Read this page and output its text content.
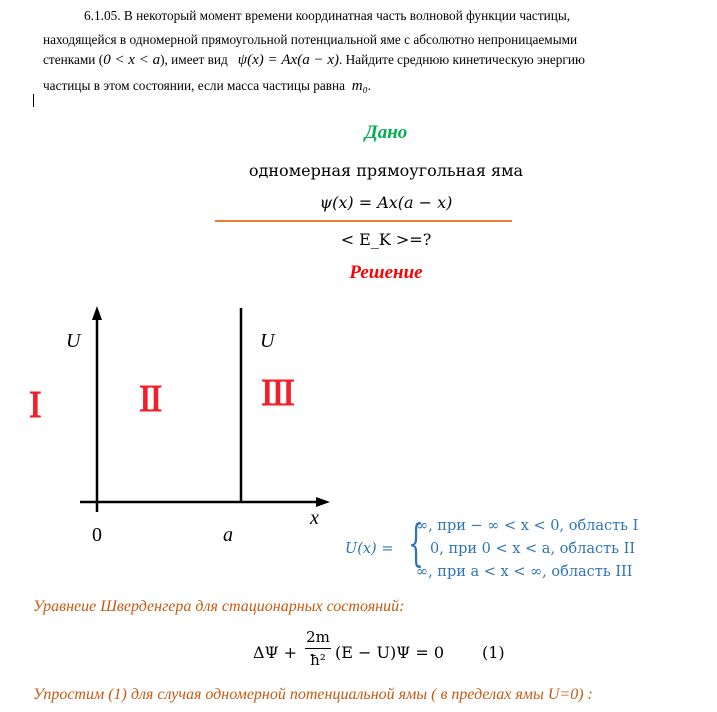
6.1.05. В некоторый момент времени координатная часть волновой функции частицы,
находящейся в одномерной прямоугольной потенциальной яме с абсолютно непроницаемыми
стенками (0 < x < a), имеет вид ψ(x) = Ax(a − x). Найдите среднюю кинетическую энергию
частицы в этом состоянии, если масса частицы равна m₀.
Дано
одномерная прямоугольная яма
ψ(x) = Ax(a − x)
< E_K >=?
Решение
I	II	III
U	U
x
0	a
U(x) = {
∞, при − ∞ < x < 0, область I
0, при 0 < x < a, область II
∞, при a < x < ∞, область III
Уравнеие Шверденгера для стационарных состояний:
ΔΨ +
2m
ħ² (E − U)Ψ = 0 (1)
Упростим (1) для случая одномерной потенциальной ямы ( в пределах ямы U=0) :
